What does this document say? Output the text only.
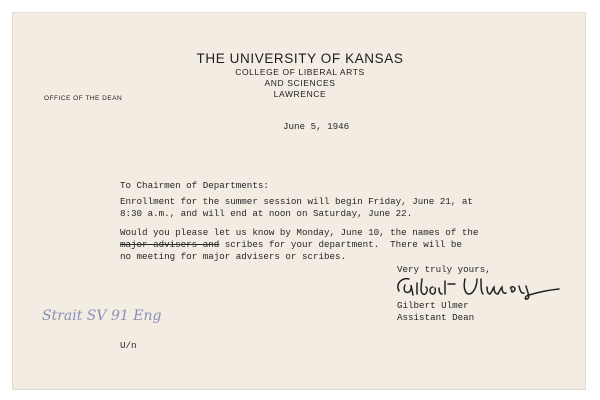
THE UNIVERSITY OF KANSAS
COLLEGE OF LIBERAL ARTS
AND SCIENCES
LAWRENCE
OFFICE OF THE DEAN
June 5, 1946
To Chairmen of Departments:
Enrollment for the summer session will begin Friday, June 21, at
8:30 a.m., and will end at noon on Saturday, June 22.
Would you please let us know by Monday, June 10, the names of the
major advisers and scribes for your department.  There will be
no meeting for major advisers or scribes.
Very truly yours,
Gilbert Ulmer
Assistant Dean
U/n
Strait SV 91 Eng
